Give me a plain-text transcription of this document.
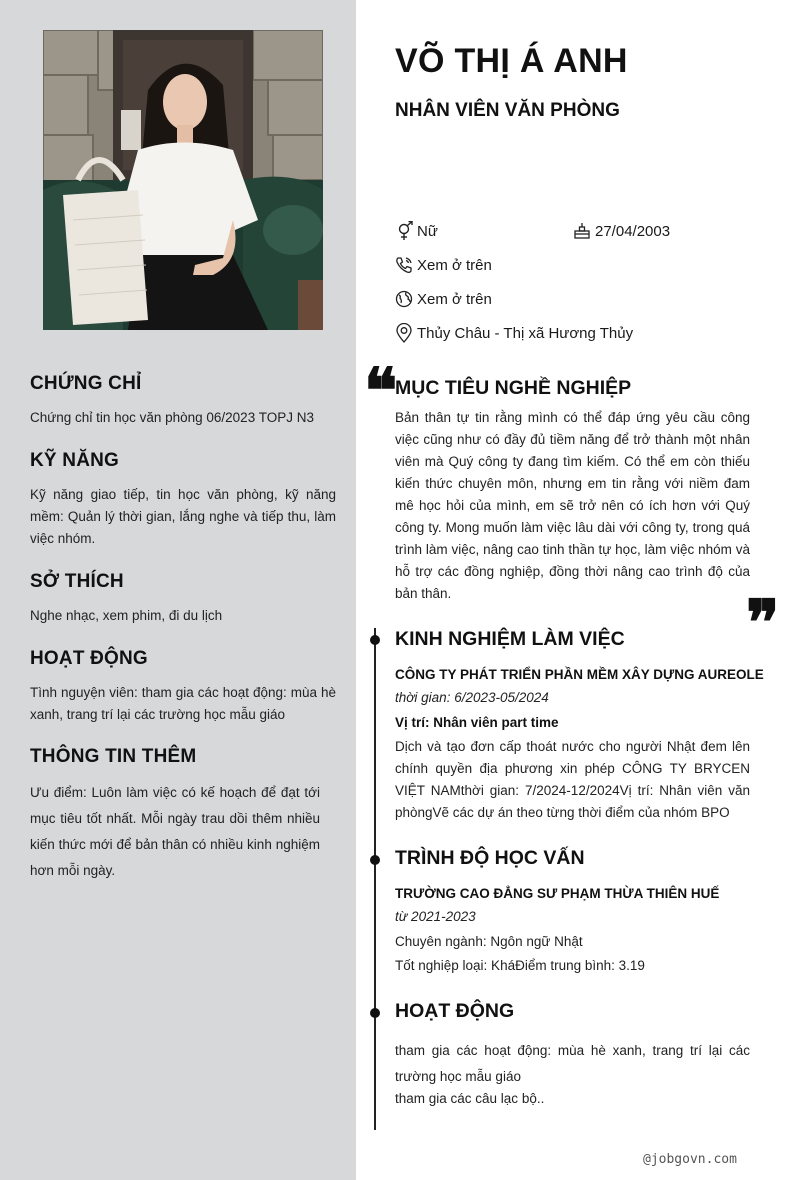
CHỨNG CHỈ
Chứng chỉ tin học văn phòng 06/2023 TOPJ N3
KỸ NĂNG
Kỹ năng giao tiếp, tin học văn phòng, kỹ năng mềm: Quản lý thời gian, lắng nghe và tiếp thu, làm việc nhóm.
SỞ THÍCH
Nghe nhạc, xem phim, đi du lịch
HOẠT ĐỘNG
Tình nguyện viên: tham gia các hoạt động: mùa hè xanh, trang trí lại các trường học mẫu giáo
THÔNG TIN THÊM
Ưu điểm: Luôn làm việc có kế hoạch để đạt tới mục tiêu tốt nhất. Mỗi ngày trau dồi thêm nhiều kiến thức mới để bản thân có nhiều kinh nghiệm hơn mỗi ngày.
VÕ THỊ Á ANH
NHÂN VIÊN VĂN PHÒNG
Nữ	27/04/2003
Xem ở trên
Xem ở trên
Thủy Châu - Thị xã Hương Thủy
❝
MỤC TIÊU NGHỀ NGHIỆP
Bản thân tự tin rằng mình có thể đáp ứng yêu cầu công việc cũng như có đầy đủ tiềm năng để trở thành một nhân viên mà Quý công ty đang tìm kiếm. Có thể em còn thiếu kiến thức chuyên môn, nhưng em tin rằng với niềm đam mê học hỏi của mình, em sẽ trở nên có ích hơn với Quý công ty. Mong muốn làm việc lâu dài với công ty, trong quá trình làm việc, nâng cao tinh thần tự học, làm việc nhóm và hỗ trợ các đồng nghiệp, đồng thời nâng cao trình độ của bản thân.	❞
KINH NGHIỆM LÀM VIỆC
CÔNG TY PHÁT TRIỂN PHẦN MỀM XÂY DỰNG AUREOLE
thời gian: 6/2023-05/2024
Vị trí: Nhân viên part time
Dịch và tạo đơn cấp thoát nước cho người Nhật đem lên chính quyền địa phương xin phép CÔNG TY BRYCEN VIỆT NAMthời gian: 7/2024-12/2024Vị trí: Nhân viên văn phòngVẽ các dự án theo từng thời điểm của nhóm BPO
TRÌNH ĐỘ HỌC VẤN
TRƯỜNG CAO ĐẲNG SƯ PHẠM THỪA THIÊN HUẾ
từ 2021-2023
Chuyên ngành: Ngôn ngữ Nhật
Tốt nghiệp loại: KháĐiểm trung bình: 3.19
HOẠT ĐỘNG
tham gia các hoạt động: mùa hè xanh, trang trí lại các trường học mẫu giáo
tham gia các câu lạc bộ..
@jobgovn.com
